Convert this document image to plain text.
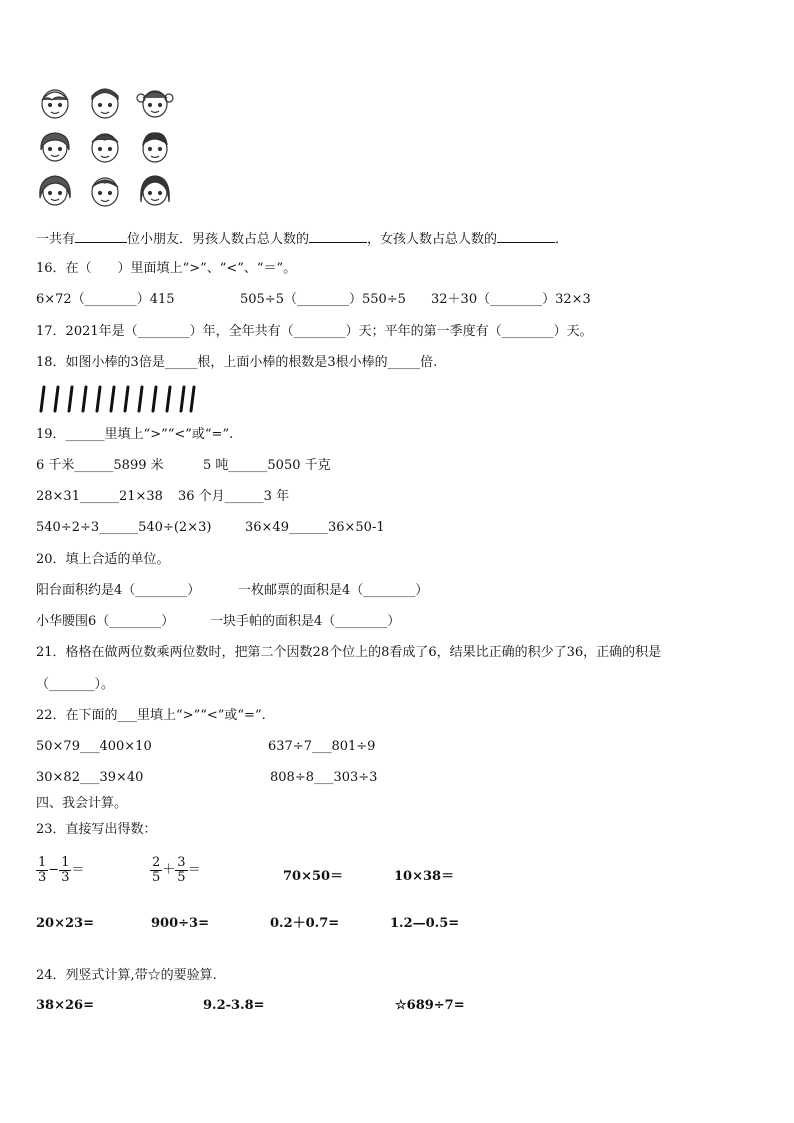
一共有	位小朋友．男孩人数占总人数的	，女孩人数占总人数的	．
16．在（　　）里面填上“>”、“<”、“＝”。
6×72（________）415	505÷5（________）550÷5 32＋30（________）32×3
17．2021年是（________）年，全年共有（________）天；平年的第一季度有（________）天。
18．如图小棒的3倍是_____根，上面小棒的根数是3根小棒的_____倍.
19．______里填上“>”“<”或“=”.
6 千米______5899 米	5 吨______5050 千克
28×31______21×38 36 个月______3 年
540÷2÷3______540÷(2×3)	36×49______36×50-1
20．填上合适的单位。
阳台面积约是4（________）	一枚邮票的面积是4（________）
小华腰围6（________）	一块手帕的面积是4（________）
21．格格在做两位数乘两位数时，把第二个因数28个位上的8看成了6，结果比正确的积少了36，正确的积是
（_______）。
22．在下面的___里填上“>”“<”或“=”.
50×79___400×10	637÷7___801÷9
30×82___39×40	808÷8___303÷3
四、我会计算。
23．直接写出得数：
$\frac{1}{3} - \frac{1}{3}$ ＝	$\frac{2}{5} + \frac{3}{5}$ ＝	70×50＝	10×38＝
20×23=	900÷3=	0.2＋0.7=	1.2—0.5=
24．列竖式计算,带☆的要验算.
38×26=	9.2-3.8=	☆689÷7=
